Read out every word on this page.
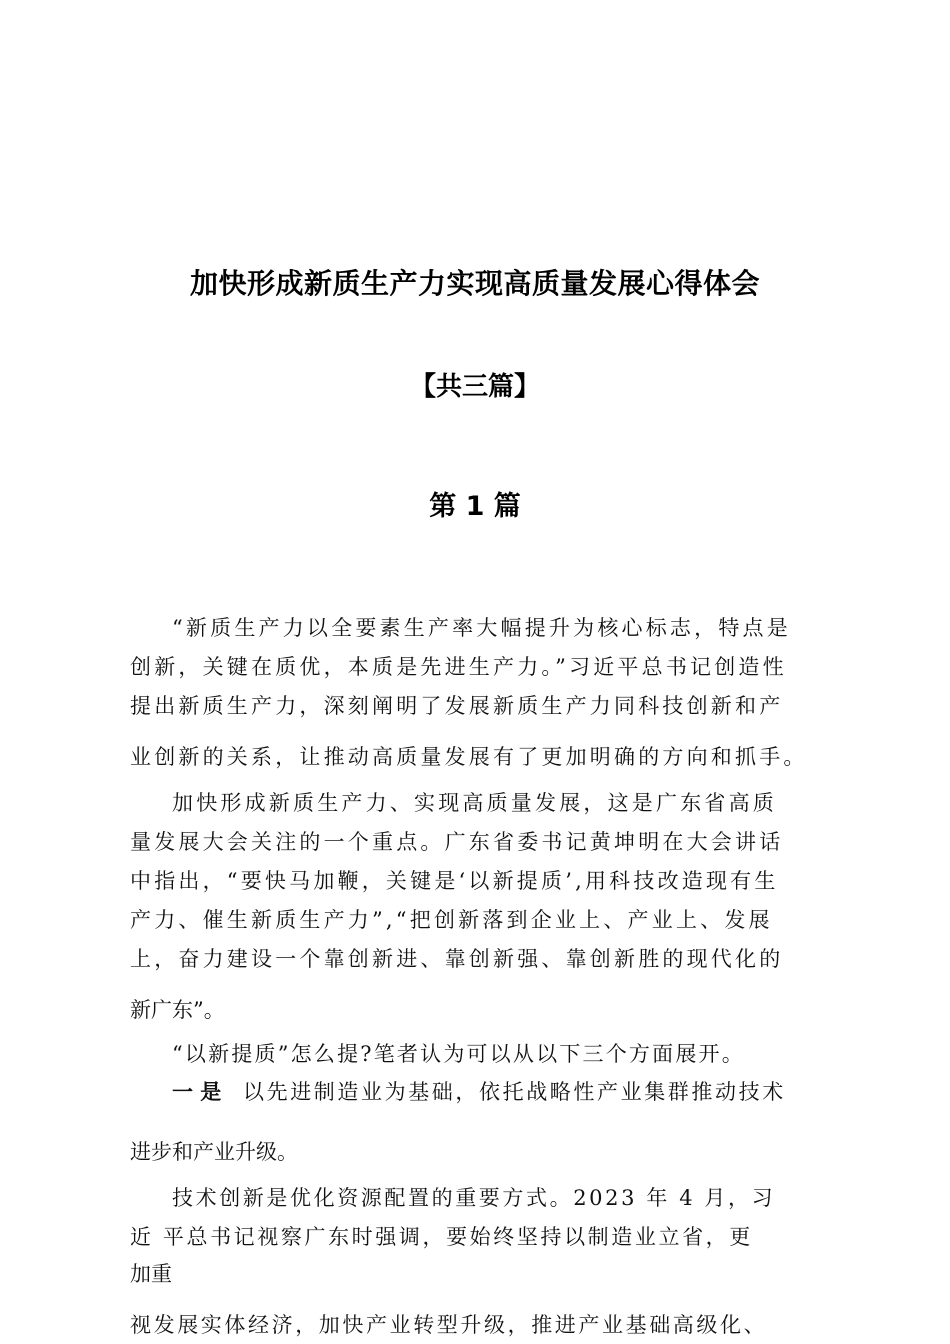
加快形成新质生产力实现高质量发展心得体会
【共三篇】
第 1 篇
“新质生产力以全要素生产率大幅提升为核心标志，特点是
创新，关键在质优，本质是先进生产力。”习近平总书记创造性
提出新质生产力，深刻阐明了发展新质生产力同科技创新和产
业创新的关系，让推动高质量发展有了更加明确的方向和抓手。
加快形成新质生产力、实现高质量发展，这是广东省高质
量发展大会关注的一个重点。广东省委书记黄坤明在大会讲话
中指出，“要快马加鞭，关键是‘以新提质’,用科技改造现有生
产力、催生新质生产力”,“把创新落到企业上、产业上、发展
上，奋力建设一个靠创新进、靠创新强、靠创新胜的现代化的
新广东”。
“以新提质”怎么提?笔者认为可以从以下三个方面展开。
一 是 以先进制造业为基础，依托战略性产业集群推动技术
进步和产业升级。
技术创新是优化资源配置的重要方式。2023 年 4 月，习
近 平总书记视察广东时强调，要始终坚持以制造业立省，更
加重
视发展实体经济，加快产业转型升级，推进产业基础高级化、
